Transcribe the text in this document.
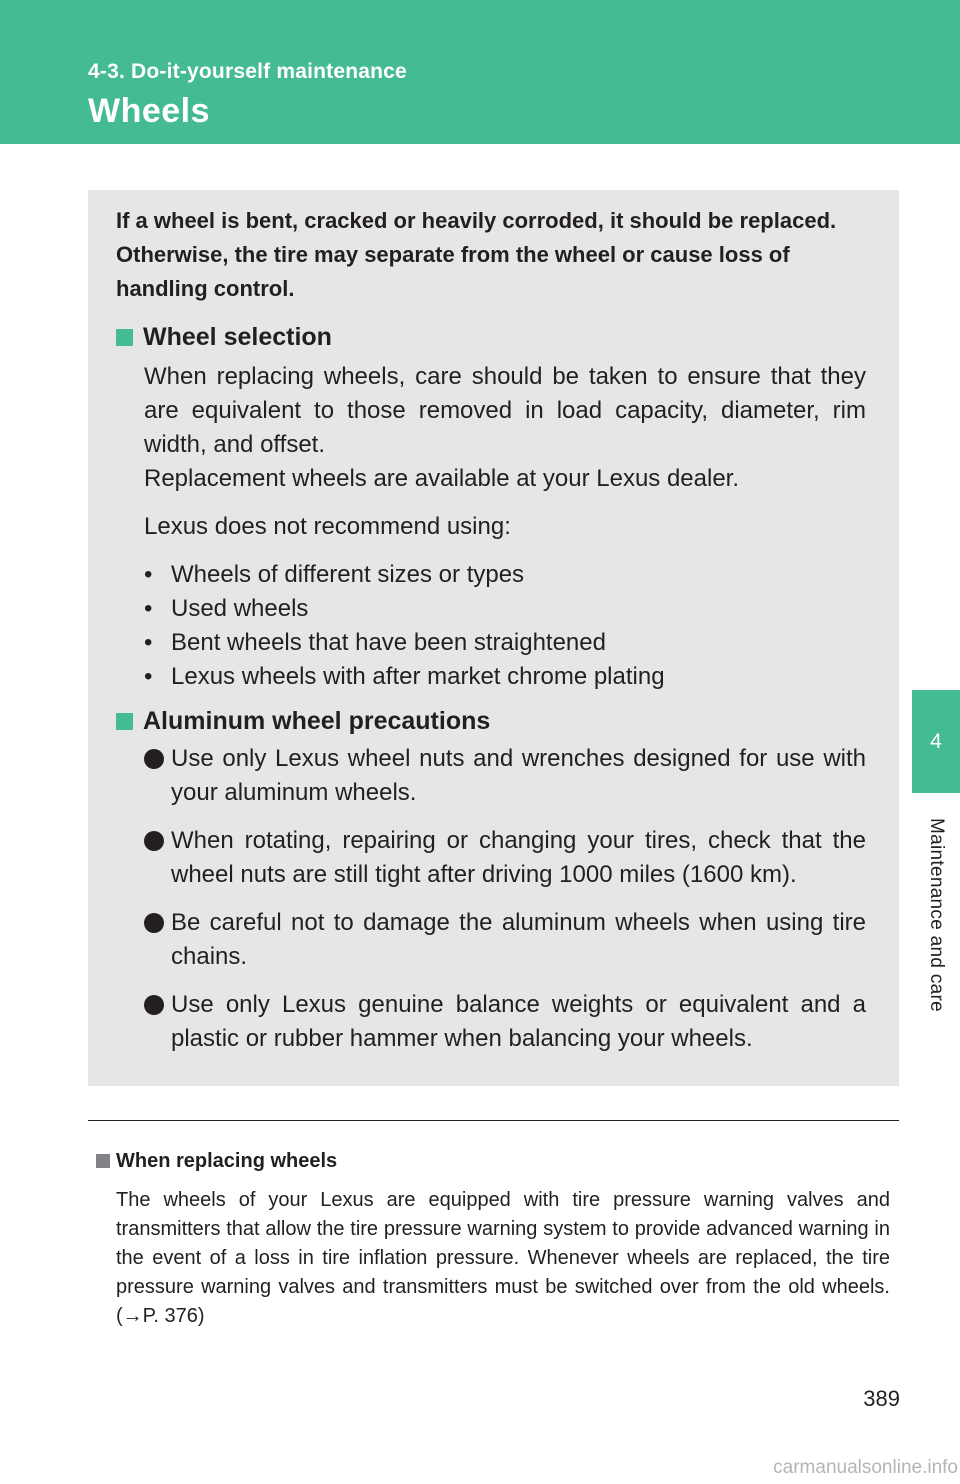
4-3. Do-it-yourself maintenance
Wheels
4
Maintenance and care

If a wheel is bent, cracked or heavily corroded, it should be replaced. Otherwise, the tire may separate from the wheel or cause loss of handling control.

Wheel selection

When replacing wheels, care should be taken to ensure that they are equivalent to those removed in load capacity, diameter, rim width, and offset.

Replacement wheels are available at your Lexus dealer.

Lexus does not recommend using:

• Wheels of different sizes or types
• Used wheels
• Bent wheels that have been straightened
• Lexus wheels with after market chrome plating
Aluminum wheel precautions
Use only Lexus wheel nuts and wrenches designed for use with your aluminum wheels.
When rotating, repairing or changing your tires, check that the wheel nuts are still tight after driving 1000 miles (1600 km).
Be careful not to damage the aluminum wheels when using tire chains.
Use only Lexus genuine balance weights or equivalent and a plastic or rubber hammer when balancing your wheels.
When replacing wheels

The wheels of your Lexus are equipped with tire pressure warning valves and transmitters that allow the tire pressure warning system to provide advanced warning in the event of a loss in tire inflation pressure. Whenever wheels are replaced, the tire pressure warning valves and transmitters must be switched over from the old wheels. (→P. 376)

389
carmanualsonline.info
